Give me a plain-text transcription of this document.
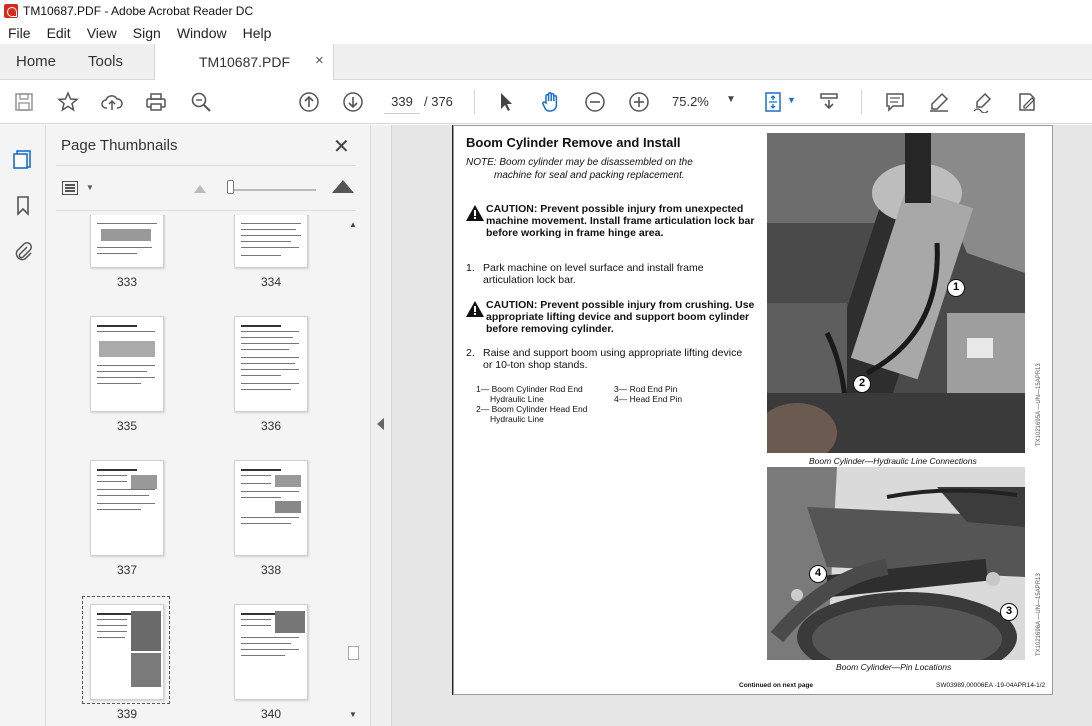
TM10687.PDF - Adobe Acrobat Reader DC
File	Edit	View	Sign	Window	Help
Home Tools	TM10687.PDF ×
339 / 376	75.2% ▼	▼
Page Thumbnails	✕
▼
333	334
335	336
337	338
339	340
▲
▼
Boom Cylinder Remove and Install
NOTE: Boom cylinder may be disassembled on the
machine for seal and packing replacement.
CAUTION: Prevent possible injury from unexpected machine movement. Install frame articulation lock bar before working in frame hinge area.
1. Park machine on level surface and install frame articulation lock bar.
CAUTION: Prevent possible injury from crushing. Use appropriate lifting device and support boom cylinder before removing cylinder.
2. Raise and support boom using appropriate lifting device or 10-ton shop stands.
1— Boom Cylinder Rod End
Hydraulic Line
2— Boom Cylinder Head End
Hydraulic Line
3— Rod End Pin
4— Head End Pin
1
2
Boom Cylinder—Hydraulic Line Connections
TX1021695A —UN—15APR13
4
3
Boom Cylinder—Pin Locations
TX1021696A —UN—15APR13
Continued on next page	SW03989,00006EA -19-04APR14-1/2
